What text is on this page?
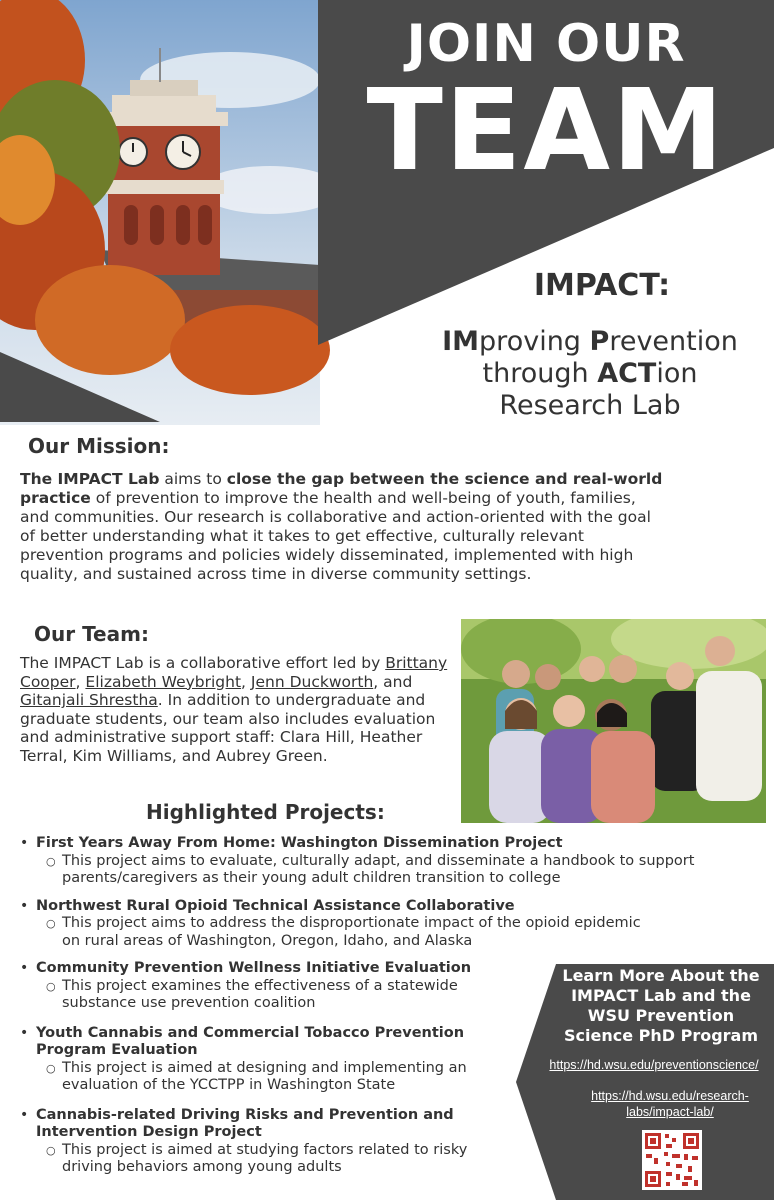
JOIN OUR
TEAM
IMPACT:
IMproving Prevention
through ACTion
Research Lab
Our Mission:
The IMPACT Lab aims to close the gap between the science and real-world practice of prevention to improve the health and well-being of youth, families, and communities. Our research is collaborative and action-oriented with the goal of better understanding what it takes to get effective, culturally relevant prevention programs and policies widely disseminated, implemented with high quality, and sustained across time in diverse community settings.
Our Team:
The IMPACT Lab is a collaborative effort led by Brittany Cooper, Elizabeth Weybright, Jenn Duckworth, and Gitanjali Shrestha. In addition to undergraduate and graduate students, our team also includes evaluation and administrative support staff: Clara Hill, Heather Terral, Kim Williams, and Aubrey Green.
Highlighted Projects:
• First Years Away From Home: Washington Dissemination Project
○ This project aims to evaluate, culturally adapt, and disseminate a handbook to support parents/caregivers as their young adult children transition to college
• Northwest Rural Opioid Technical Assistance Collaborative
○ This project aims to address the disproportionate impact of the opioid epidemic on rural areas of Washington, Oregon, Idaho, and Alaska
• Community Prevention Wellness Initiative Evaluation
○ This project examines the effectiveness of a statewide substance use prevention coalition
• Youth Cannabis and Commercial Tobacco Prevention Program Evaluation
○ This project is aimed at designing and implementing an evaluation of the YCCTPP in Washington State
• Cannabis-related Driving Risks and Prevention and Intervention Design Project
○ This project is aimed at studying factors related to risky driving behaviors among young adults
Learn More About the IMPACT Lab and the WSU Prevention Science PhD Program
https://hd.wsu.edu/preventionscience/
https://hd.wsu.edu/research-labs/impact-lab/
